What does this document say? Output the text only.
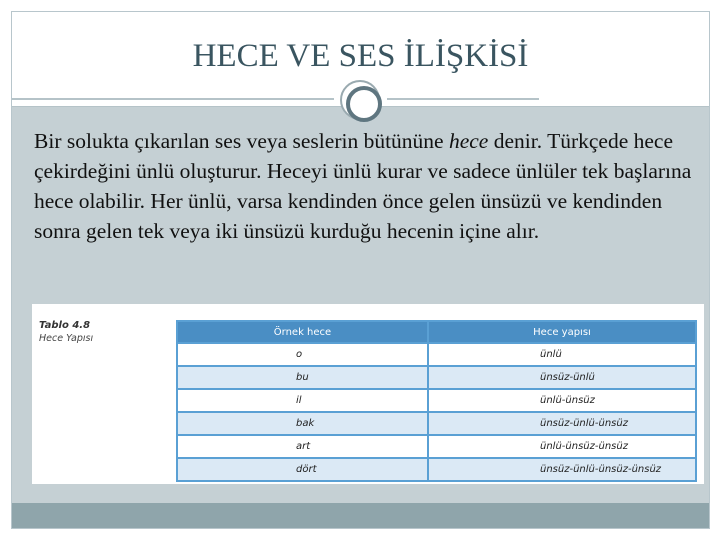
HECE VE SES İLİŞKİSİ
Bir solukta çıkarılan ses veya seslerin bütününe hece denir. Türkçede hece çekirdeğini ünlü oluşturur. Heceyi ünlü kurar ve sadece ünlüler tek başlarına hece olabilir. Her ünlü, varsa kendinden önce gelen ünsüzü ve kendinden sonra gelen tek veya iki ünsüzü kurduğu hecenin içine alır.
Tablo 4.8
Hece Yapısı
Örnek hece	Hece yapısı
o	ünlü
bu	ünsüz-ünlü
il	ünlü-ünsüz
bak	ünsüz-ünlü-ünsüz
art	ünlü-ünsüz-ünsüz
dört	ünsüz-ünlü-ünsüz-ünsüz
